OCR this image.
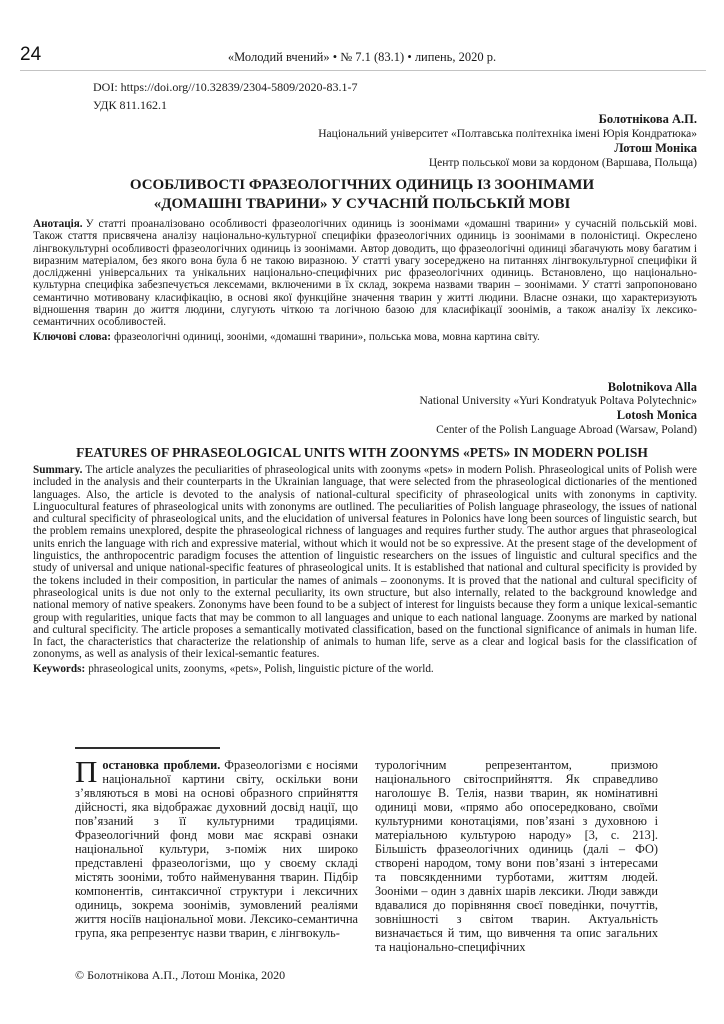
24	«Молодий вчений» • № 7.1 (83.1) • липень, 2020 р.
DOI: https://doi.org//10.32839/2304-5809/2020-83.1-7
УДК 811.162.1
Болотнікова А.П.
Національний університет «Полтавська політехніка імені Юрія Кондратюка»
Лотош Моніка
Центр польської мови за кордоном (Варшава, Польща)
ОСОБЛИВОСТІ ФРАЗЕОЛОГІЧНИХ ОДИНИЦЬ ІЗ ЗООНІМАМИ
«ДОМАШНІ ТВАРИНИ» У СУЧАСНІЙ ПОЛЬСЬКІЙ МОВІ

Анотація. У статті проаналізовано особливості фразеологічних одиниць із зоонімами «домашні тварини» у сучасній польській мові. Також стаття присвячена аналізу національно-культурної специфіки фразеологічних одиниць із зоонімами в полоністиці. Окреслено лінгвокультурні особливості фразеологічних одиниць із зоонімами. Автор доводить, що фразеологічні одиниці збагачують мову багатим і виразним матеріалом, без якого вона була б не такою виразною. У статті увагу зосереджено на питаннях лінгвокультурної специфіки й дослідженні універсальних та унікальних національно-специфічних рис фразеологічних одиниць. Встановлено, що національно-культурна специфіка забезпечується лексемами, включеними в їх склад, зокрема назвами тварин – зоонімами. У статті запропоновано семантично мотивовану класифікацію, в основі якої функційне значення тварин у житті людини. Власне ознаки, що характеризують відношення тварин до життя людини, слугують чіткою та логічною базою для класифікації зоонімів, а також аналізу їх лексико-семантичних особливостей.

Ключові слова: фразеологічні одиниці, зооніми, «домашні тварини», польська мова, мовна картина світу.

Bolotnikova Alla
National University «Yuri Kondratyuk Poltava Polytechnic»
Lotosh Monica
Center of the Polish Language Abroad (Warsaw, Poland)
FEATURES OF PHRASEOLOGICAL UNITS WITH ZOONYMS «PETS» IN MODERN POLISH

Summary. The article analyzes the peculiarities of phraseological units with zoonyms «pets» in modern Polish. Phraseological units of Polish were included in the analysis and their counterparts in the Ukrainian language, that were selected from the phraseological dictionaries of the mentioned languages. Also, the article is devoted to the analysis of national-cultural specificity of phraseological units with zononyms in captivity. Linguocultural features of phraseological units with zononyms are outlined. The peculiarities of Polish language phraseology, the issues of national and cultural specificity of phraseological units, and the elucidation of universal features in Polonics have long been sources of linguistic search, but the problem remains unexplored, despite the phraseological richness of languages and requires further study. The author argues that phraseological units enrich the language with rich and expressive material, without which it would not be so expressive. At the present stage of the development of linguistics, the anthropocentric paradigm focuses the attention of linguistic researchers on the issues of linguistic and cultural specifics and the study of universal and unique national-specific features of phraseological units. It is established that national and cultural specificity is provided by the tokens included in their composition, in particular the names of animals – zoononyms. It is proved that the national and cultural specificity of phraseological units is due not only to the external peculiarity, its own structure, but also internally, related to the background knowledge and national memory of native speakers. Zononyms have been found to be a subject of interest for linguists because they form a unique lexical-semantic group with regularities, unique facts that may be common to all languages and unique to each national language. Zoonyms are marked by national and cultural specificity. The article proposes a semantically motivated classification, based on the functional significance of animals in human life. In fact, the characteristics that characterize the relationship of animals to human life, serve as a clear and logical basis for the classification of zononyms, as well as analysis of their lexical-semantic features.

Keywords: phraseological units, zoonyms, «pets», Polish, linguistic picture of the world.

Постановка проблеми. Фразеологізми є носіями національної картини світу, оскільки вони з’являються в мові на основі образного сприйняття дійсності, яка відображає духовний досвід нації, що пов’язаний з її культурними традиціями. Фразеологічний фонд мови має яскраві ознаки національної культури, з-поміж них широко представлені фразеологізми, що у своєму складі містять зооніми, тобто найменування тварин. Підбір компонентів, синтаксичної структури і лексичних одиниць, зокрема зоонімів, зумовлений реаліями життя носіїв національної мови. Лексико-семантична група, яка репрезентує назви тварин, є лінгвокуль-

турологічним репрезентантом, призмою національного світосприйняття. Як справедливо наголошує В. Телія, назви тварин, як номінативні одиниці мови, «прямо або опосередковано, своїми культурними конотаціями, пов’язані з духовною і матеріальною культурою народу» [3, с. 213]. Більшість фразеологічних одиниць (далі – ФО) створені народом, тому вони пов’язані з інтересами та повсякденними турботами, життям людей. Зооніми – один з давніх шарів лексики. Люди завжди вдавалися до порівняння своєї поведінки, почуттів, зовнішності з світом тварин. Актуальність визначається й тим, що вивчення та опис загальних та національно-специфічних

© Болотнікова А.П., Лотош Моніка, 2020
